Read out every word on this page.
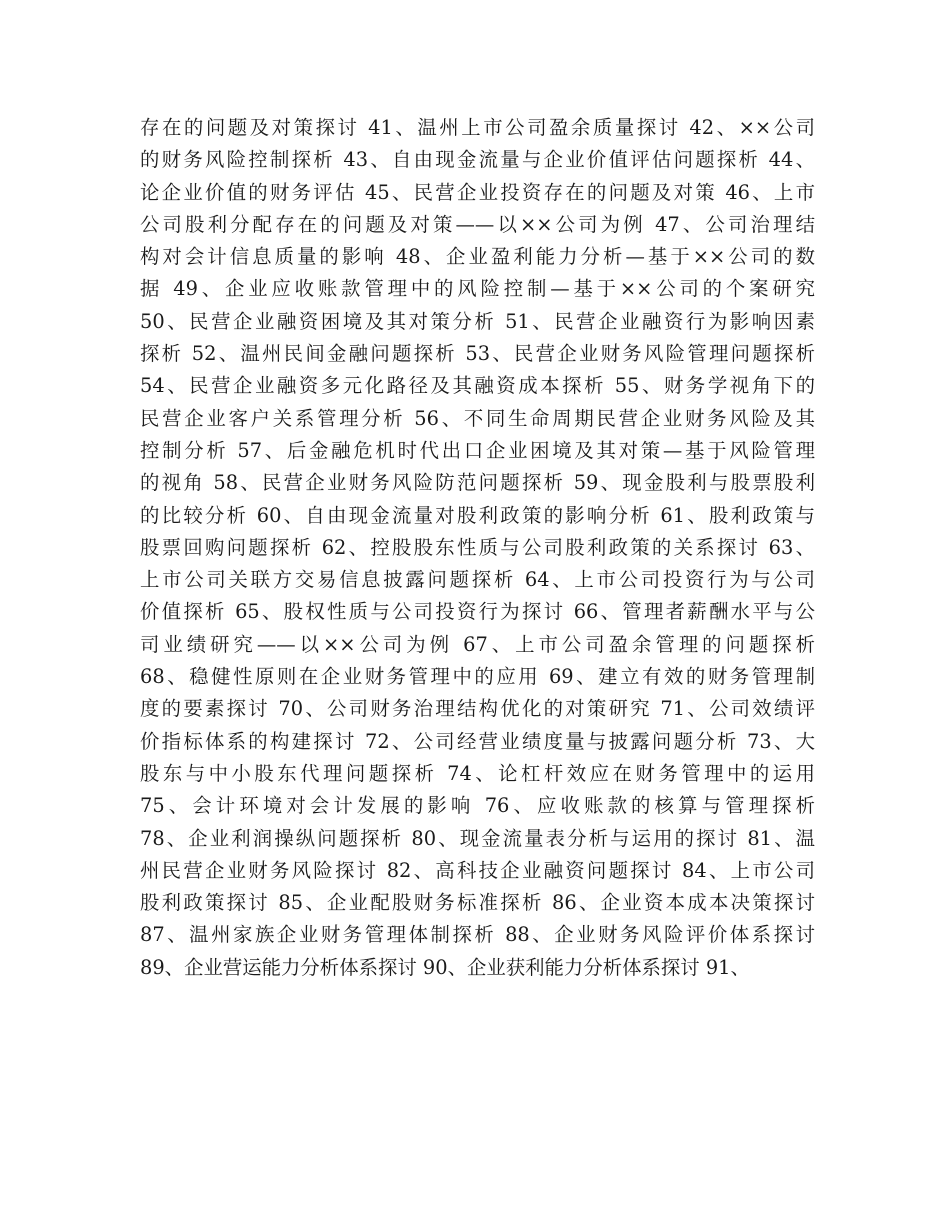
存在的问题及对策探讨 41、温州上市公司盈余质量探讨 42、××公司
的财务风险控制探析 43、自由现金流量与企业价值评估问题探析 44、
论企业价值的财务评估 45、民营企业投资存在的问题及对策 46、上市
公司股利分配存在的问题及对策——以××公司为例 47、公司治理结
构对会计信息质量的影响 48、企业盈利能力分析—基于××公司的数
据 49、企业应收账款管理中的风险控制—基于××公司的个案研究
50、民营企业融资困境及其对策分析 51、民营企业融资行为影响因素
探析 52、温州民间金融问题探析 53、民营企业财务风险管理问题探析
54、民营企业融资多元化路径及其融资成本探析 55、财务学视角下的
民营企业客户关系管理分析 56、不同生命周期民营企业财务风险及其
控制分析 57、后金融危机时代出口企业困境及其对策—基于风险管理
的视角 58、民营企业财务风险防范问题探析 59、现金股利与股票股利
的比较分析 60、自由现金流量对股利政策的影响分析 61、股利政策与
股票回购问题探析 62、控股股东性质与公司股利政策的关系探讨 63、
上市公司关联方交易信息披露问题探析 64、上市公司投资行为与公司
价值探析 65、股权性质与公司投资行为探讨 66、管理者薪酬水平与公
司业绩研究——以××公司为例 67、上市公司盈余管理的问题探析
68、稳健性原则在企业财务管理中的应用 69、建立有效的财务管理制
度的要素探讨 70、公司财务治理结构优化的对策研究 71、公司效绩评
价指标体系的构建探讨 72、公司经营业绩度量与披露问题分析 73、大
股东与中小股东代理问题探析 74、论杠杆效应在财务管理中的运用
75、会计环境对会计发展的影响 76、应收账款的核算与管理探析
78、企业利润操纵问题探析 80、现金流量表分析与运用的探讨 81、温
州民营企业财务风险探讨 82、高科技企业融资问题探讨 84、上市公司
股利政策探讨 85、企业配股财务标准探析 86、企业资本成本决策探讨
87、温州家族企业财务管理体制探析 88、企业财务风险评价体系探讨
89、企业营运能力分析体系探讨 90、企业获利能力分析体系探讨 91、
